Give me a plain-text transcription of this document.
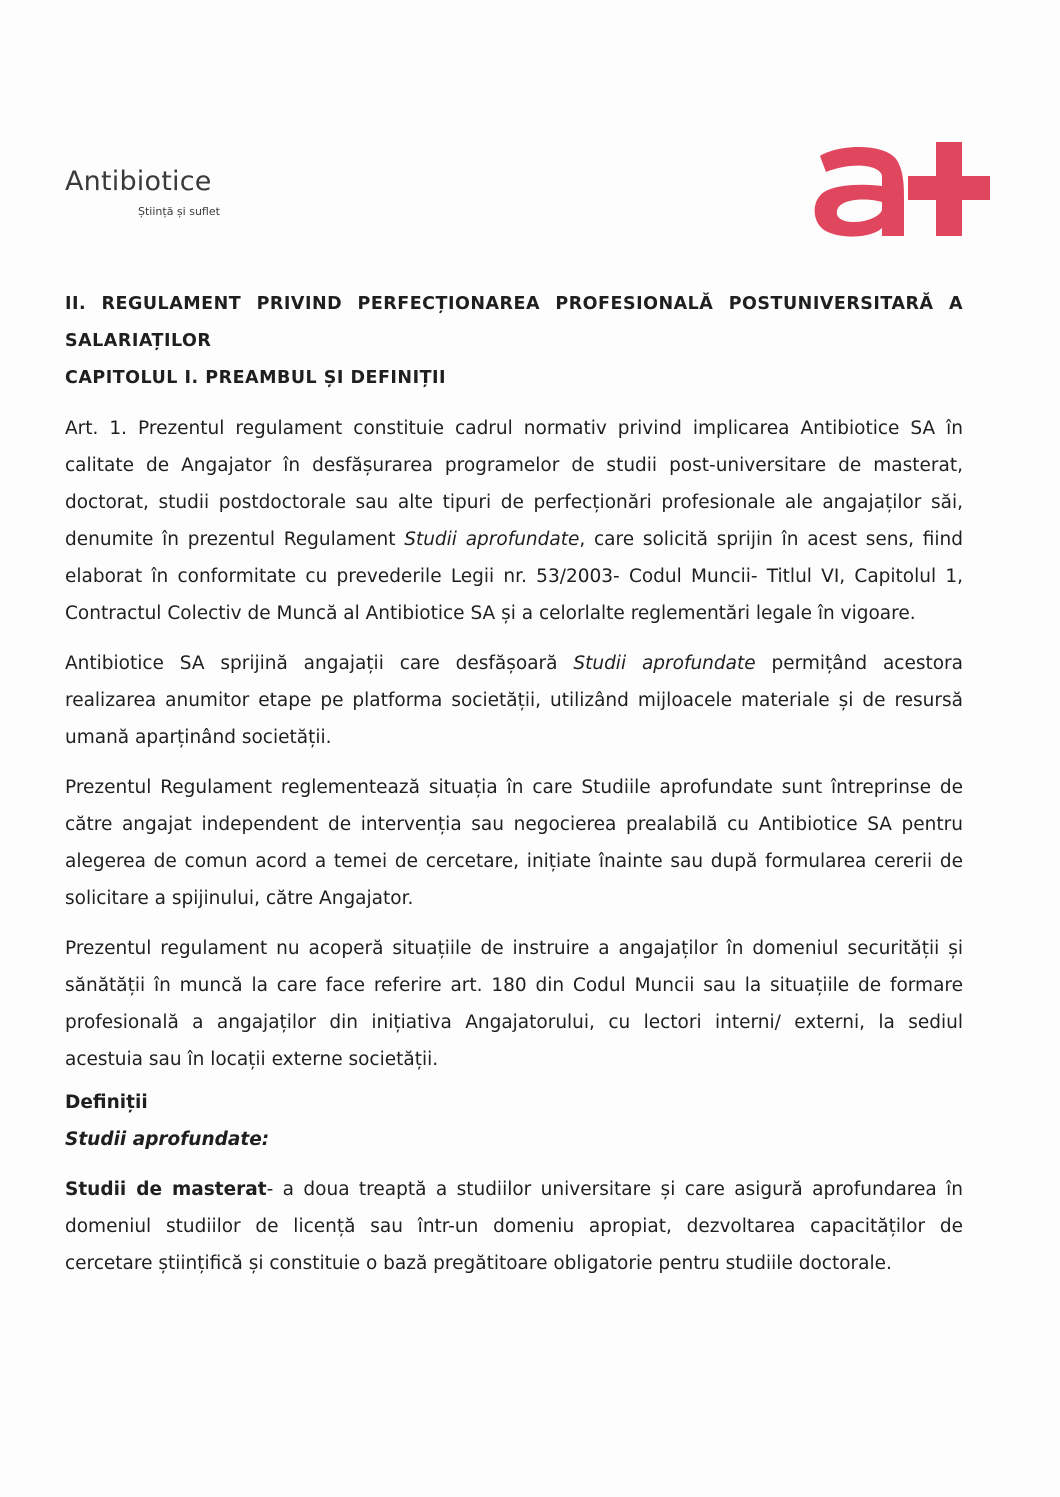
Antibiotice
Știință și suflet
II. REGULAMENT PRIVIND PERFECȚIONAREA PROFESIONALĂ POSTUNIVERSITARĂ A
SALARIAȚILOR
CAPITOLUL I. PREAMBUL ȘI DEFINIȚII

Art. 1. Prezentul regulament constituie cadrul normativ privind implicarea Antibiotice SA în calitate de Angajator în desfășurarea programelor de studii post-universitare de masterat, doctorat, studii postdoctorale sau alte tipuri de perfecționări profesionale ale angajaților săi, denumite în prezentul Regulament Studii aprofundate, care solicită sprijin în acest sens, fiind elaborat în conformitate cu prevederile Legii nr. 53/2003- Codul Muncii- Titlul VI, Capitolul 1, Contractul Colectiv de Muncă al Antibiotice SA și a celorlalte reglementări legale în vigoare.

Antibiotice SA sprijină angajații care desfășoară Studii aprofundate permițând acestora realizarea anumitor etape pe platforma societății, utilizând mijloacele materiale și de resursă umană aparținând societății.

Prezentul Regulament reglementează situația în care Studiile aprofundate sunt întreprinse de către angajat independent de intervenția sau negocierea prealabilă cu Antibiotice SA pentru alegerea de comun acord a temei de cercetare, inițiate înainte sau după formularea cererii de solicitare a spijinului, către Angajator.

Prezentul regulament nu acoperă situațiile de instruire a angajaților în domeniul securității și sănătății în muncă la care face referire art. 180 din Codul Muncii sau la situațiile de formare profesională a angajaților din inițiativa Angajatorului, cu lectori interni/ externi, la sediul acestuia sau în locații externe societății.

Definiții
Studii aprofundate:

Studii de masterat- a doua treaptă a studiilor universitare și care asigură aprofundarea în domeniul studiilor de licență sau într-un domeniu apropiat, dezvoltarea capacităților de cercetare științifică și constituie o bază pregătitoare obligatorie pentru studiile doctorale.
